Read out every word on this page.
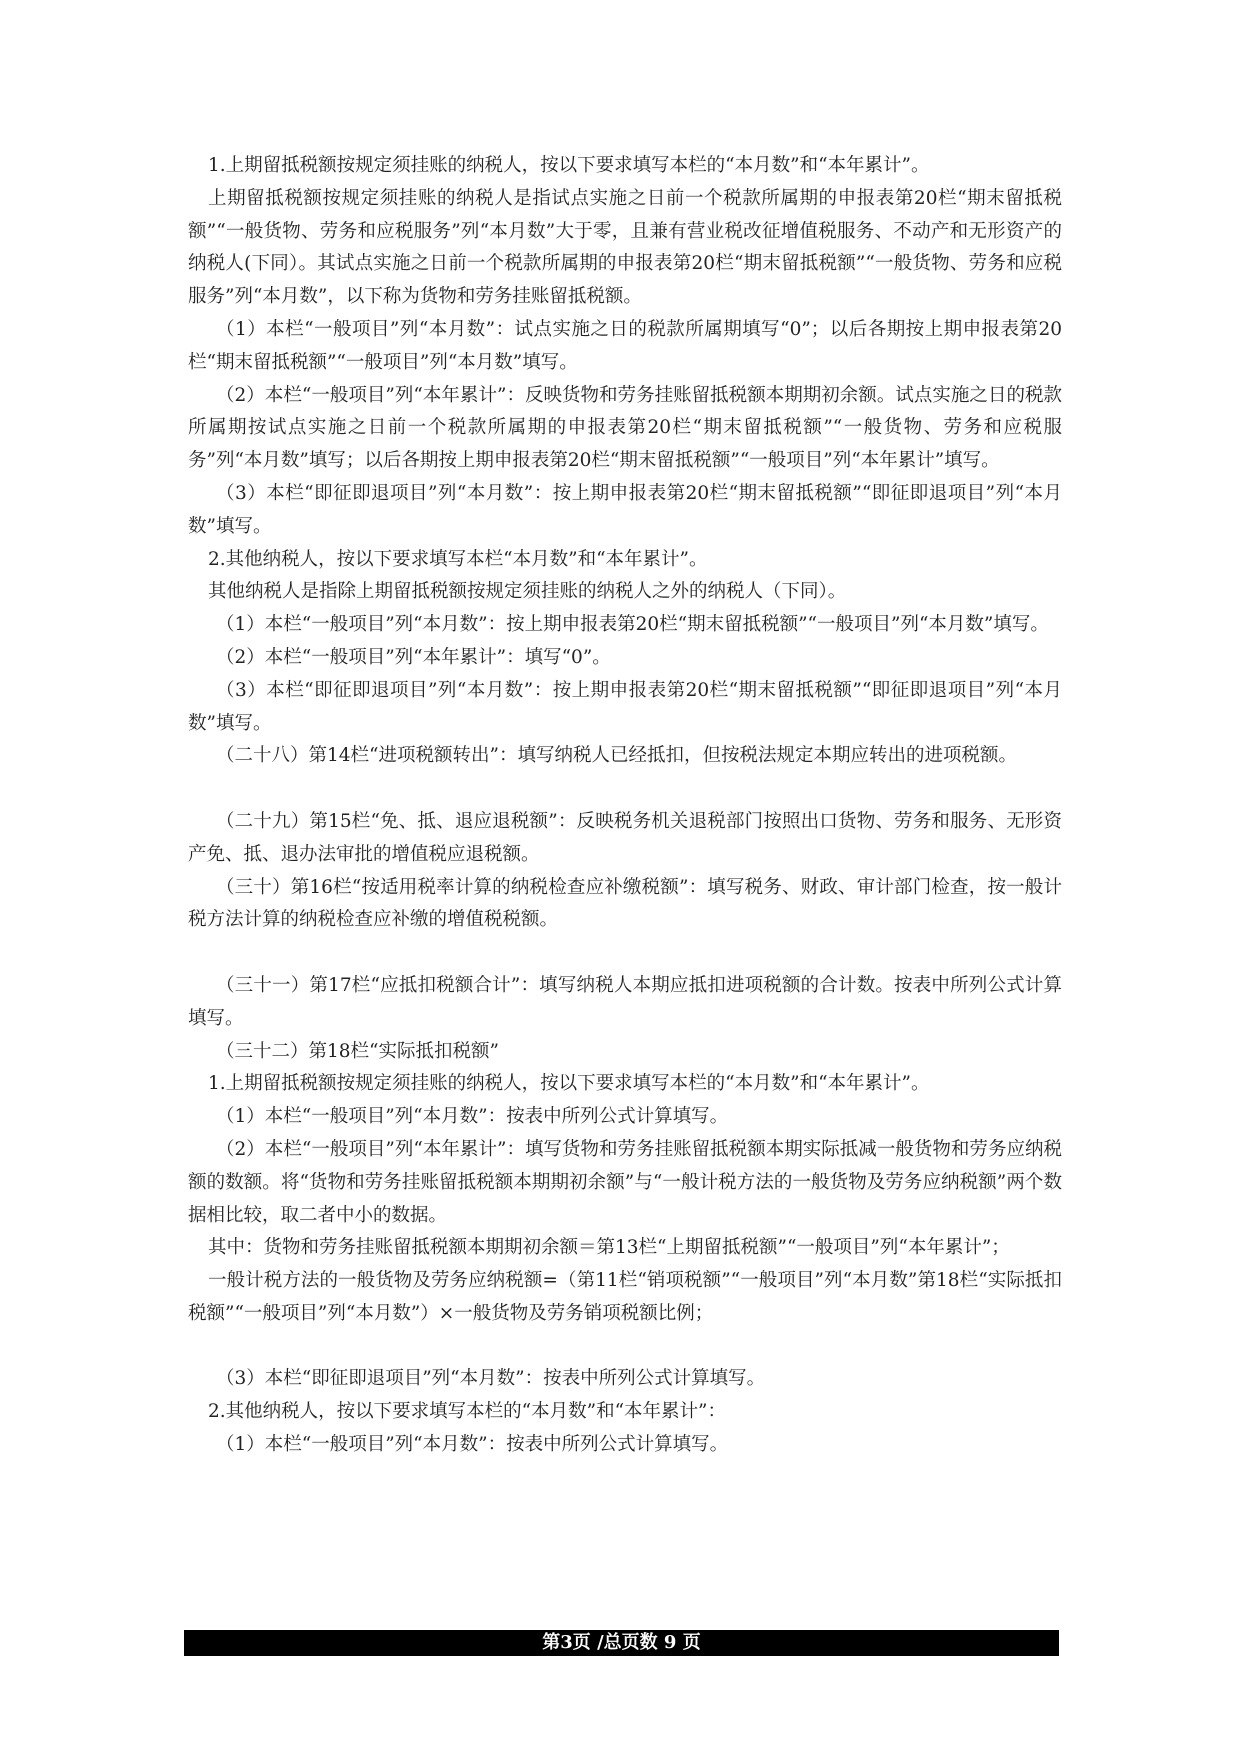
1.上期留抵税额按规定须挂账的纳税人，按以下要求填写本栏的“本月数”和“本年累计”。

上期留抵税额按规定须挂账的纳税人是指试点实施之日前一个税款所属期的申报表第20栏“期末留抵税额”“一般货物、劳务和应税服务”列“本月数”大于零，且兼有营业税改征增值税服务、不动产和无形资产的纳税人(下同）。其试点实施之日前一个税款所属期的申报表第20栏“期末留抵税额”“一般货物、劳务和应税服务”列“本月数”，以下称为货物和劳务挂账留抵税额。

（1）本栏“一般项目”列“本月数”：试点实施之日的税款所属期填写“0”；以后各期按上期申报表第20栏“期末留抵税额”“一般项目”列“本月数”填写。

（2）本栏“一般项目”列“本年累计”：反映货物和劳务挂账留抵税额本期期初余额。试点实施之日的税款所属期按试点实施之日前一个税款所属期的申报表第20栏“期末留抵税额”“一般货物、劳务和应税服务”列“本月数”填写；以后各期按上期申报表第20栏“期末留抵税额”“一般项目”列“本年累计”填写。

（3）本栏“即征即退项目”列“本月数”：按上期申报表第20栏“期末留抵税额”“即征即退项目”列“本月数”填写。

2.其他纳税人，按以下要求填写本栏“本月数”和“本年累计”。

其他纳税人是指除上期留抵税额按规定须挂账的纳税人之外的纳税人（下同）。

（1）本栏“一般项目”列“本月数”：按上期申报表第20栏“期末留抵税额”“一般项目”列“本月数”填写。

（2）本栏“一般项目”列“本年累计”：填写“0”。

（3）本栏“即征即退项目”列“本月数”：按上期申报表第20栏“期末留抵税额”“即征即退项目”列“本月数”填写。

（二十八）第14栏“进项税额转出”：填写纳税人已经抵扣，但按税法规定本期应转出的进项税额。

（二十九）第15栏“免、抵、退应退税额”：反映税务机关退税部门按照出口货物、劳务和服务、无形资产免、抵、退办法审批的增值税应退税额。

（三十）第16栏“按适用税率计算的纳税检查应补缴税额”：填写税务、财政、审计部门检查，按一般计税方法计算的纳税检查应补缴的增值税税额。

（三十一）第17栏“应抵扣税额合计”：填写纳税人本期应抵扣进项税额的合计数。按表中所列公式计算填写。

（三十二）第18栏“实际抵扣税额”

1.上期留抵税额按规定须挂账的纳税人，按以下要求填写本栏的“本月数”和“本年累计”。

（1）本栏“一般项目”列“本月数”：按表中所列公式计算填写。

（2）本栏“一般项目”列“本年累计”：填写货物和劳务挂账留抵税额本期实际抵减一般货物和劳务应纳税额的数额。将“货物和劳务挂账留抵税额本期期初余额”与“一般计税方法的一般货物及劳务应纳税额”两个数据相比较，取二者中小的数据。

其中：货物和劳务挂账留抵税额本期期初余额＝第13栏“上期留抵税额”“一般项目”列“本年累计”；

一般计税方法的一般货物及劳务应纳税额=（第11栏“销项税额”“一般项目”列“本月数”第18栏“实际抵扣税额”“一般项目”列“本月数”）×一般货物及劳务销项税额比例；

（3）本栏“即征即退项目”列“本月数”：按表中所列公式计算填写。

2.其他纳税人，按以下要求填写本栏的“本月数”和“本年累计”：

（1）本栏“一般项目”列“本月数”：按表中所列公式计算填写。

第3页 /总页数 9 页
